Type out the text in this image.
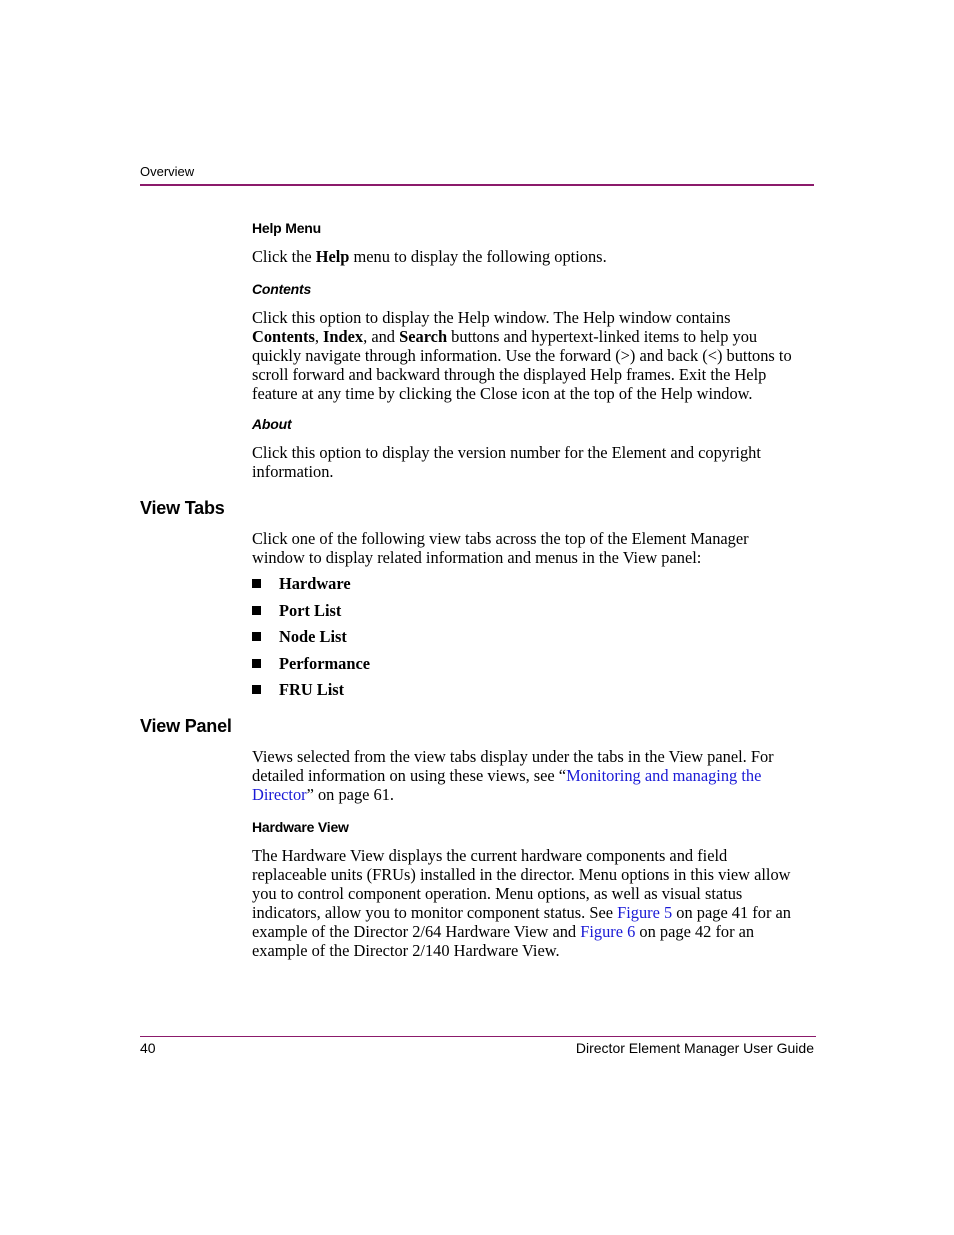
Overview
Help Menu
Click the Help menu to display the following options.
Contents
Click this option to display the Help window. The Help window contains
Contents, Index, and Search buttons and hypertext-linked items to help you
quickly navigate through information. Use the forward (>) and back (<) buttons to
scroll forward and backward through the displayed Help frames. Exit the Help
feature at any time by clicking the Close icon at the top of the Help window.
About
Click this option to display the version number for the Element and copyright
information.
View Tabs
Click one of the following view tabs across the top of the Element Manager
window to display related information and menus in the View panel:
Hardware
Port List
Node List
Performance
FRU List
View Panel
Views selected from the view tabs display under the tabs in the View panel. For
detailed information on using these views, see “Monitoring and managing the
Director” on page 61.
Hardware View
The Hardware View displays the current hardware components and field
replaceable units (FRUs) installed in the director. Menu options in this view allow
you to control component operation. Menu options, as well as visual status
indicators, allow you to monitor component status. See Figure 5 on page 41 for an
example of the Director 2/64 Hardware View and Figure 6 on page 42 for an
example of the Director 2/140 Hardware View.
40	Director Element Manager User Guide
